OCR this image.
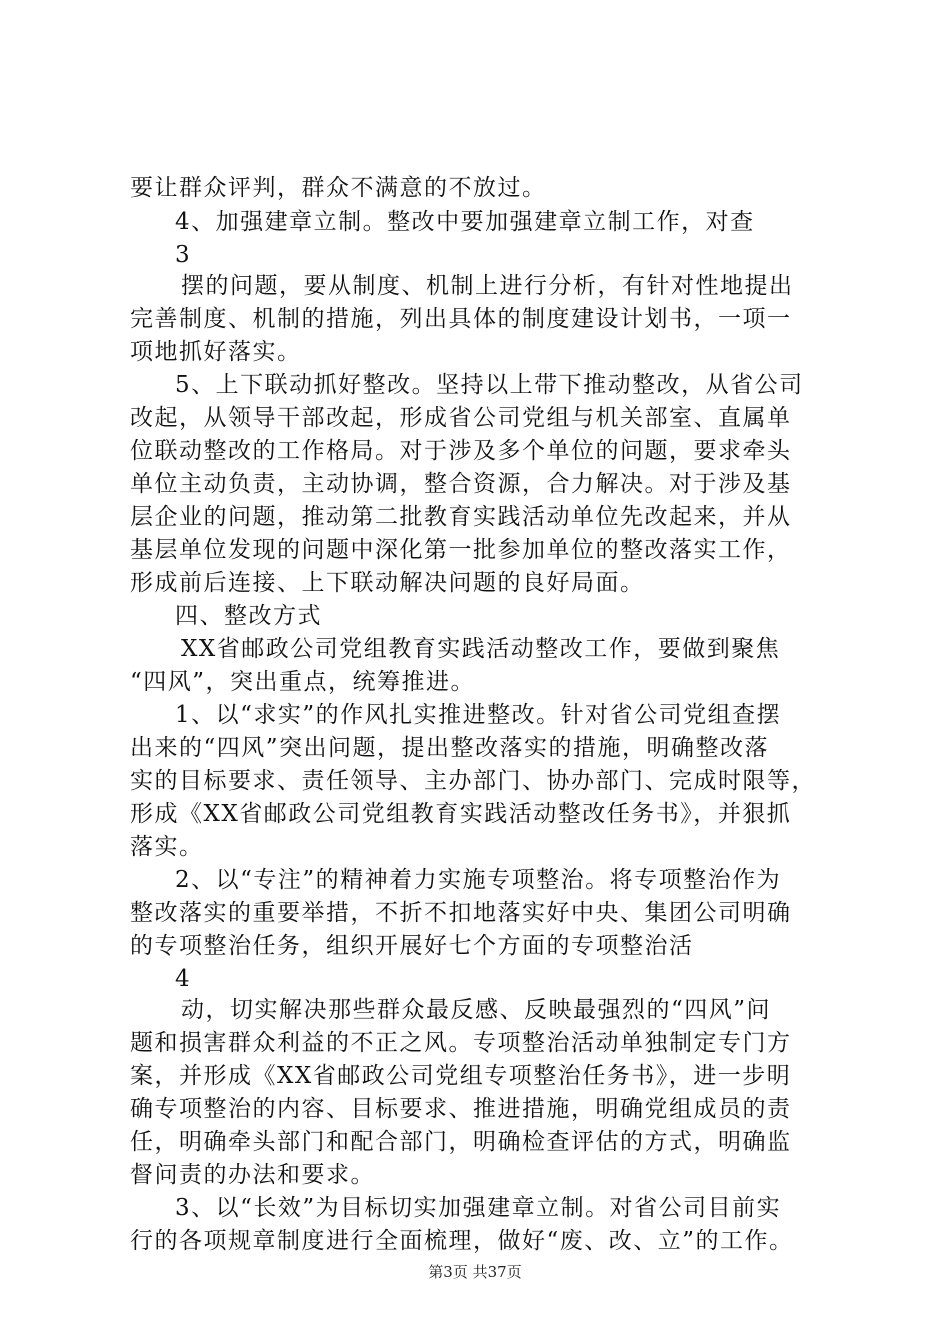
要让群众评判，群众不满意的不放过。
4、加强建章立制。整改中要加强建章立制工作，对查
3
摆的问题，要从制度、机制上进行分析，有针对性地提出
完善制度、机制的措施，列出具体的制度建设计划书，一项一
项地抓好落实。
5、上下联动抓好整改。坚持以上带下推动整改，从省公司
改起，从领导干部改起，形成省公司党组与机关部室、直属单
位联动整改的工作格局。对于涉及多个单位的问题，要求牵头
单位主动负责，主动协调，整合资源，合力解决。对于涉及基
层企业的问题，推动第二批教育实践活动单位先改起来，并从
基层单位发现的问题中深化第一批参加单位的整改落实工作，
形成前后连接、上下联动解决问题的良好局面。
四、整改方式
XX省邮政公司党组教育实践活动整改工作，要做到聚焦
“四风”，突出重点，统筹推进。
1、以“求实”的作风扎实推进整改。针对省公司党组查摆
出来的“四风”突出问题，提出整改落实的措施，明确整改落
实的目标要求、责任领导、主办部门、协办部门、完成时限等，
形成《XX省邮政公司党组教育实践活动整改任务书》，并狠抓
落实。
2、以“专注”的精神着力实施专项整治。将专项整治作为
整改落实的重要举措，不折不扣地落实好中央、集团公司明确
的专项整治任务，组织开展好七个方面的专项整治活
4
动，切实解决那些群众最反感、反映最强烈的“四风”问
题和损害群众利益的不正之风。专项整治活动单独制定专门方
案，并形成《XX省邮政公司党组专项整治任务书》，进一步明
确专项整治的内容、目标要求、推进措施，明确党组成员的责
任，明确牵头部门和配合部门，明确检查评估的方式，明确监
督问责的办法和要求。
3、以“长效”为目标切实加强建章立制。对省公司目前实
行的各项规章制度进行全面梳理，做好“废、改、立”的工作。
第3页 共37页
